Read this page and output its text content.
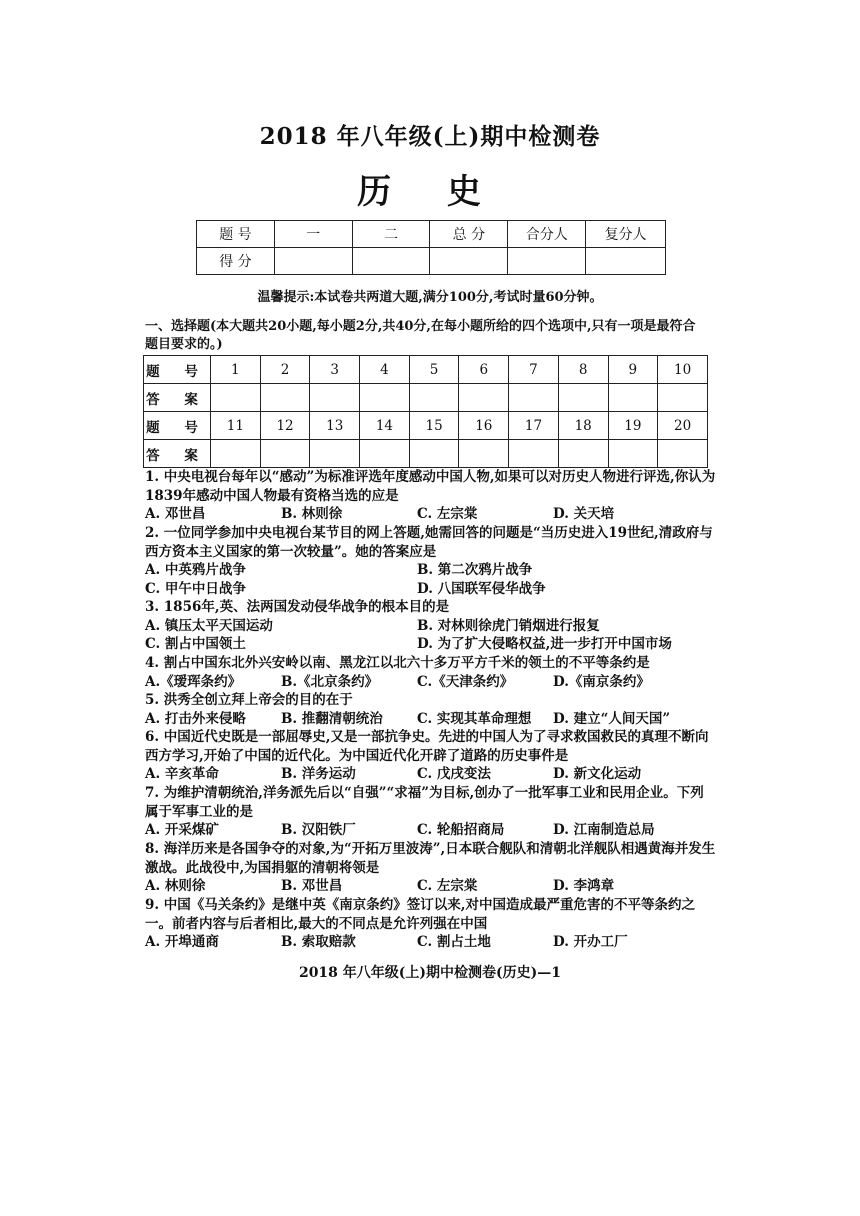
2018 年八年级(上)期中检测卷
历 史
题 号	一	二	总 分	合分人	复分人
得 分					
温馨提示:本试卷共两道大题,满分100分,考试时量60分钟。
一、选择题(本大题共20小题,每小题2分,共40分,在每小题所给的四个选项中,只有一项是最符合题目要求的。)
题 号	1	2	3	4	5	6	7	8	9	10
答 案										
题 号	11	12	13	14	15	16	17	18	19	20
答 案										
1. 中央电视台每年以“感动”为标准评选年度感动中国人物,如果可以对历史人物进行评选,你认为1839年感动中国人物最有资格当选的应是
A. 邓世昌	B. 林则徐	C. 左宗棠	D. 关天培
2. 一位同学参加中央电视台某节目的网上答题,她需回答的问题是“当历史进入19世纪,清政府与西方资本主义国家的第一次较量”。她的答案应是
A. 中英鸦片战争	B. 第二次鸦片战争
C. 甲午中日战争	D. 八国联军侵华战争
3. 1856年,英、法两国发动侵华战争的根本目的是
A. 镇压太平天国运动	B. 对林则徐虎门销烟进行报复
C. 割占中国领土	D. 为了扩大侵略权益,进一步打开中国市场
4. 割占中国东北外兴安岭以南、黑龙江以北六十多万平方千米的领土的不平等条约是
A.《瑷珲条约》	B.《北京条约》	C.《天津条约》	D.《南京条约》
5. 洪秀全创立拜上帝会的目的在于
A. 打击外来侵略	B. 推翻清朝统治	C. 实现其革命理想	D. 建立“人间天国”
6. 中国近代史既是一部屈辱史,又是一部抗争史。先进的中国人为了寻求救国救民的真理不断向西方学习,开始了中国的近代化。为中国近代化开辟了道路的历史事件是
A. 辛亥革命	B. 洋务运动	C. 戊戌变法	D. 新文化运动
7. 为维护清朝统治,洋务派先后以“自强”“求福”为目标,创办了一批军事工业和民用企业。下列属于军事工业的是
A. 开采煤矿	B. 汉阳铁厂	C. 轮船招商局	D. 江南制造总局
8. 海洋历来是各国争夺的对象,为“开拓万里波涛”,日本联合舰队和清朝北洋舰队相遇黄海并发生激战。此战役中,为国捐躯的清朝将领是
A. 林则徐	B. 邓世昌	C. 左宗棠	D. 李鸿章
9. 中国《马关条约》是继中英《南京条约》签订以来,对中国造成最严重危害的不平等条约之一。前者内容与后者相比,最大的不同点是允许列强在中国
A. 开埠通商	B. 索取赔款	C. 割占土地	D. 开办工厂
2018 年八年级(上)期中检测卷(历史)—1
